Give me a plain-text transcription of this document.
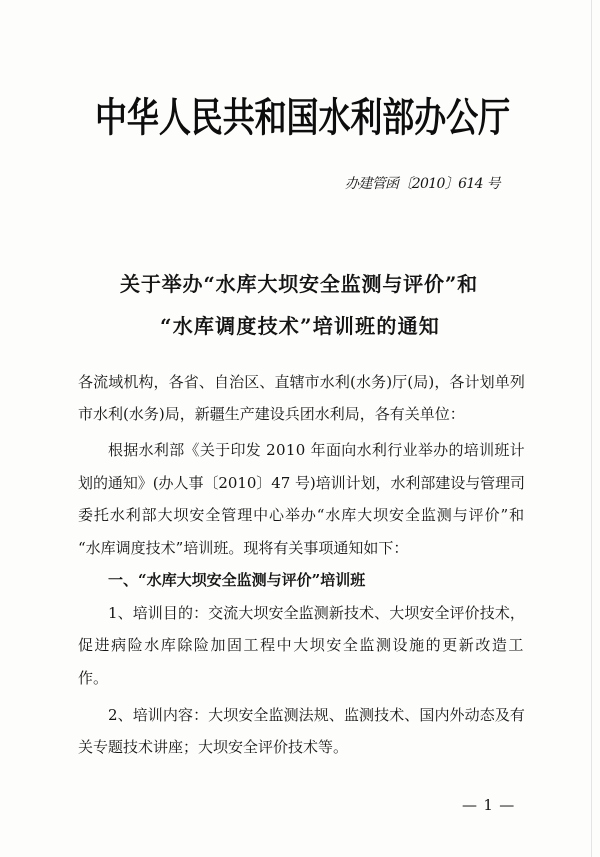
中华人民共和国水利部办公厅
办建管函〔2010〕614 号
关于举办“水库大坝安全监测与评价”和
“水库调度技术”培训班的通知
各流域机构，各省、自治区、直辖市水利(水务)厅(局)，各计划单列
市水利(水务)局，新疆生产建设兵团水利局，各有关单位：
根据水利部《关于印发 2010 年面向水利行业举办的培训班计
划的通知》(办人事〔2010〕47 号)培训计划，水利部建设与管理司
委托水利部大坝安全管理中心举办“水库大坝安全监测与评价”和
“水库调度技术”培训班。现将有关事项通知如下：
一、“水库大坝安全监测与评价”培训班
1、培训目的：交流大坝安全监测新技术、大坝安全评价技术，
促进病险水库除险加固工程中大坝安全监测设施的更新改造工
作。
2、培训内容：大坝安全监测法规、监测技术、国内外动态及有
关专题技术讲座；大坝安全评价技术等。
— 1 —
